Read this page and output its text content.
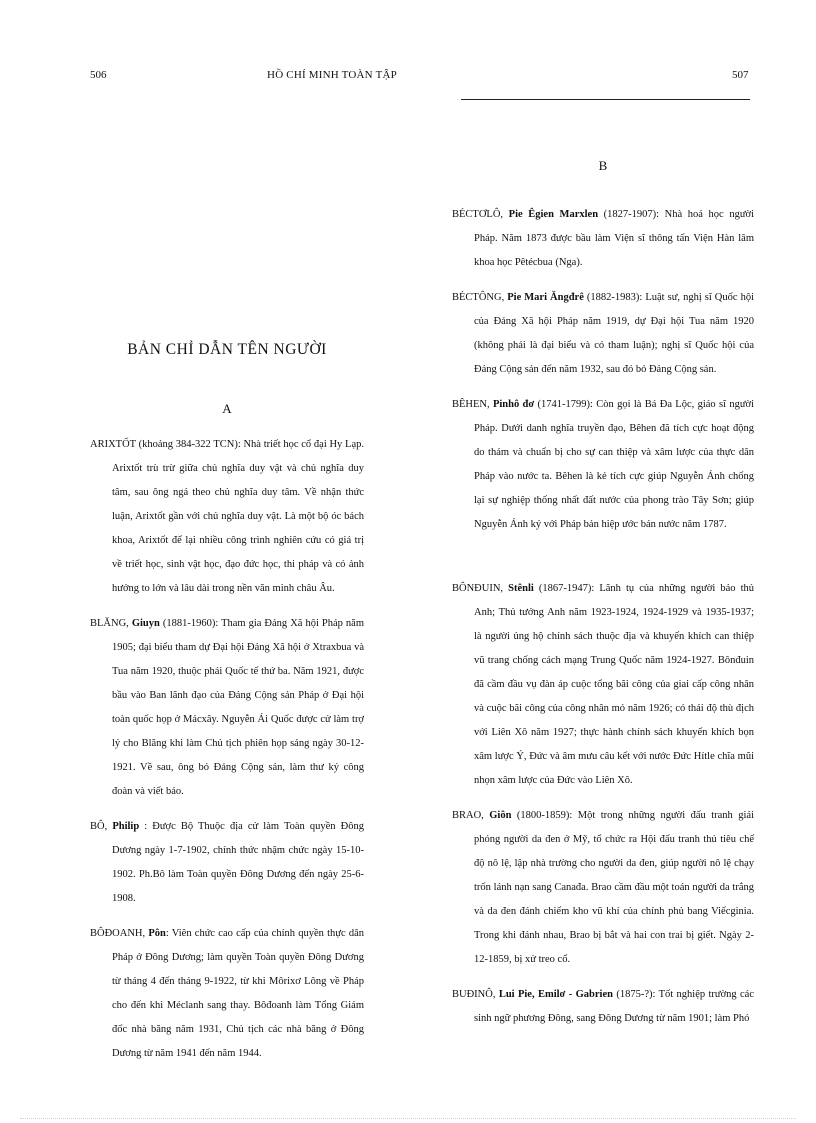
506	HỒ CHÍ MINH TOÀN TẬP	507
BẢN CHỈ DẪN TÊN NGƯỜI
A
B

ARIXTỐT (khoảng 384-322 TCN): Nhà triết học cổ đại Hy Lạp. Arixtốt trù trừ giữa chủ nghĩa duy vật và chủ nghĩa duy tâm, sau ông ngả theo chủ nghĩa duy tâm. Về nhận thức luận, Arixtốt gần với chủ nghĩa duy vật. Là một bộ óc bách khoa, Arixtốt để lại nhiều công trình nghiên cứu có giá trị về triết học, sinh vật học, đạo đức học, thi pháp và có ảnh hưởng to lớn và lâu dài trong nền văn minh châu Âu.

BLĂNG, Giuyn (1881-1960): Tham gia Đảng Xã hội Pháp năm 1905; đại biểu tham dự Đại hội Đảng Xã hội ở Xtraxbua và Tua năm 1920, thuộc phái Quốc tế thứ ba. Năm 1921, được bầu vào Ban lãnh đạo của Đảng Cộng sản Pháp ở Đại hội toàn quốc họp ở Mácxây. Nguyễn Ái Quốc được cử làm trợ lý cho Blăng khi làm Chủ tịch phiên họp sáng ngày 30-12-1921. Về sau, ông bỏ Đảng Cộng sản, làm thư ký công đoàn và viết báo.

BÔ, Philip : Được Bộ Thuộc địa cử làm Toàn quyền Đông Dương ngày 1-7-1902, chính thức nhậm chức ngày 15-10-1902. Ph.Bô làm Toàn quyền Đông Dương đến ngày 25-6-1908.

BÔĐOANH, Pôn: Viên chức cao cấp của chính quyền thực dân Pháp ở Đông Dương; làm quyền Toàn quyền Đông Dương từ tháng 4 đến tháng 9-1922, từ khi Môrixơ Lông về Pháp cho đến khi Méclanh sang thay. Bôđoanh làm Tổng Giám đốc nhà băng năm 1931, Chủ tịch các nhà băng ở Đông Dương từ năm 1941 đến năm 1944.

BÉCTƠLÔ, Pie Êgien Marxlen (1827-1907): Nhà hoá học người Pháp. Năm 1873 được bầu làm Viện sĩ thông tấn Viện Hàn lâm khoa học Pêtécbua (Nga).

BÉCTÔNG, Pie Mari Ăngđrê (1882-1983): Luật sư, nghị sĩ Quốc hội của Đảng Xã hội Pháp năm 1919, dự Đại hội Tua năm 1920 (không phải là đại biểu và có tham luận); nghị sĩ Quốc hội của Đảng Cộng sản đến năm 1932, sau đó bỏ Đảng Cộng sản.

BÊHEN, Pinhô đơ (1741-1799): Còn gọi là Bá Đa Lộc, giáo sĩ người Pháp. Dưới danh nghĩa truyền đạo, Bêhen đã tích cực hoạt động do thám và chuẩn bị cho sự can thiệp và xâm lược của thực dân Pháp vào nước ta. Bêhen là kẻ tích cực giúp Nguyễn Ánh chống lại sự nghiệp thống nhất đất nước của phong trào Tây Sơn; giúp Nguyễn Ánh ký với Pháp bản hiệp ước bán nước năm 1787.

BÔNĐUIN, Stênli (1867-1947): Lãnh tụ của những người bảo thủ Anh; Thủ tướng Anh năm 1923-1924, 1924-1929 và 1935-1937; là người ủng hộ chính sách thuộc địa và khuyến khích can thiệp vũ trang chống cách mạng Trung Quốc năm 1924-1927. Bônđuin đã cầm đầu vụ đàn áp cuộc tổng bãi công của giai cấp công nhân và cuộc bãi công của công nhân mỏ năm 1926; có thái độ thù địch với Liên Xô năm 1927; thực hành chính sách khuyến khích bọn xâm lược Ý, Đức và âm mưu câu kết với nước Đức Hítle chĩa mũi nhọn xâm lược của Đức vào Liên Xô.

BRAO, Giôn (1800-1859): Một trong những người đấu tranh giải phóng người da đen ở Mỹ, tổ chức ra Hội đấu tranh thủ tiêu chế độ nô lệ, lập nhà trường cho người da đen, giúp người nô lệ chạy trốn lánh nạn sang Canađa. Brao cầm đầu một toán người da trắng và da đen đánh chiếm kho vũ khí của chính phủ bang Viếcginia. Trong khi đánh nhau, Brao bị bắt và hai con trai bị giết. Ngày 2-12-1859, bị xử treo cổ.

BUĐINÔ, Lui Pie, Emilơ - Gabrien (1875-?): Tốt nghiệp trường các sinh ngữ phương Đông, sang Đông Dương từ năm 1901; làm Phó
